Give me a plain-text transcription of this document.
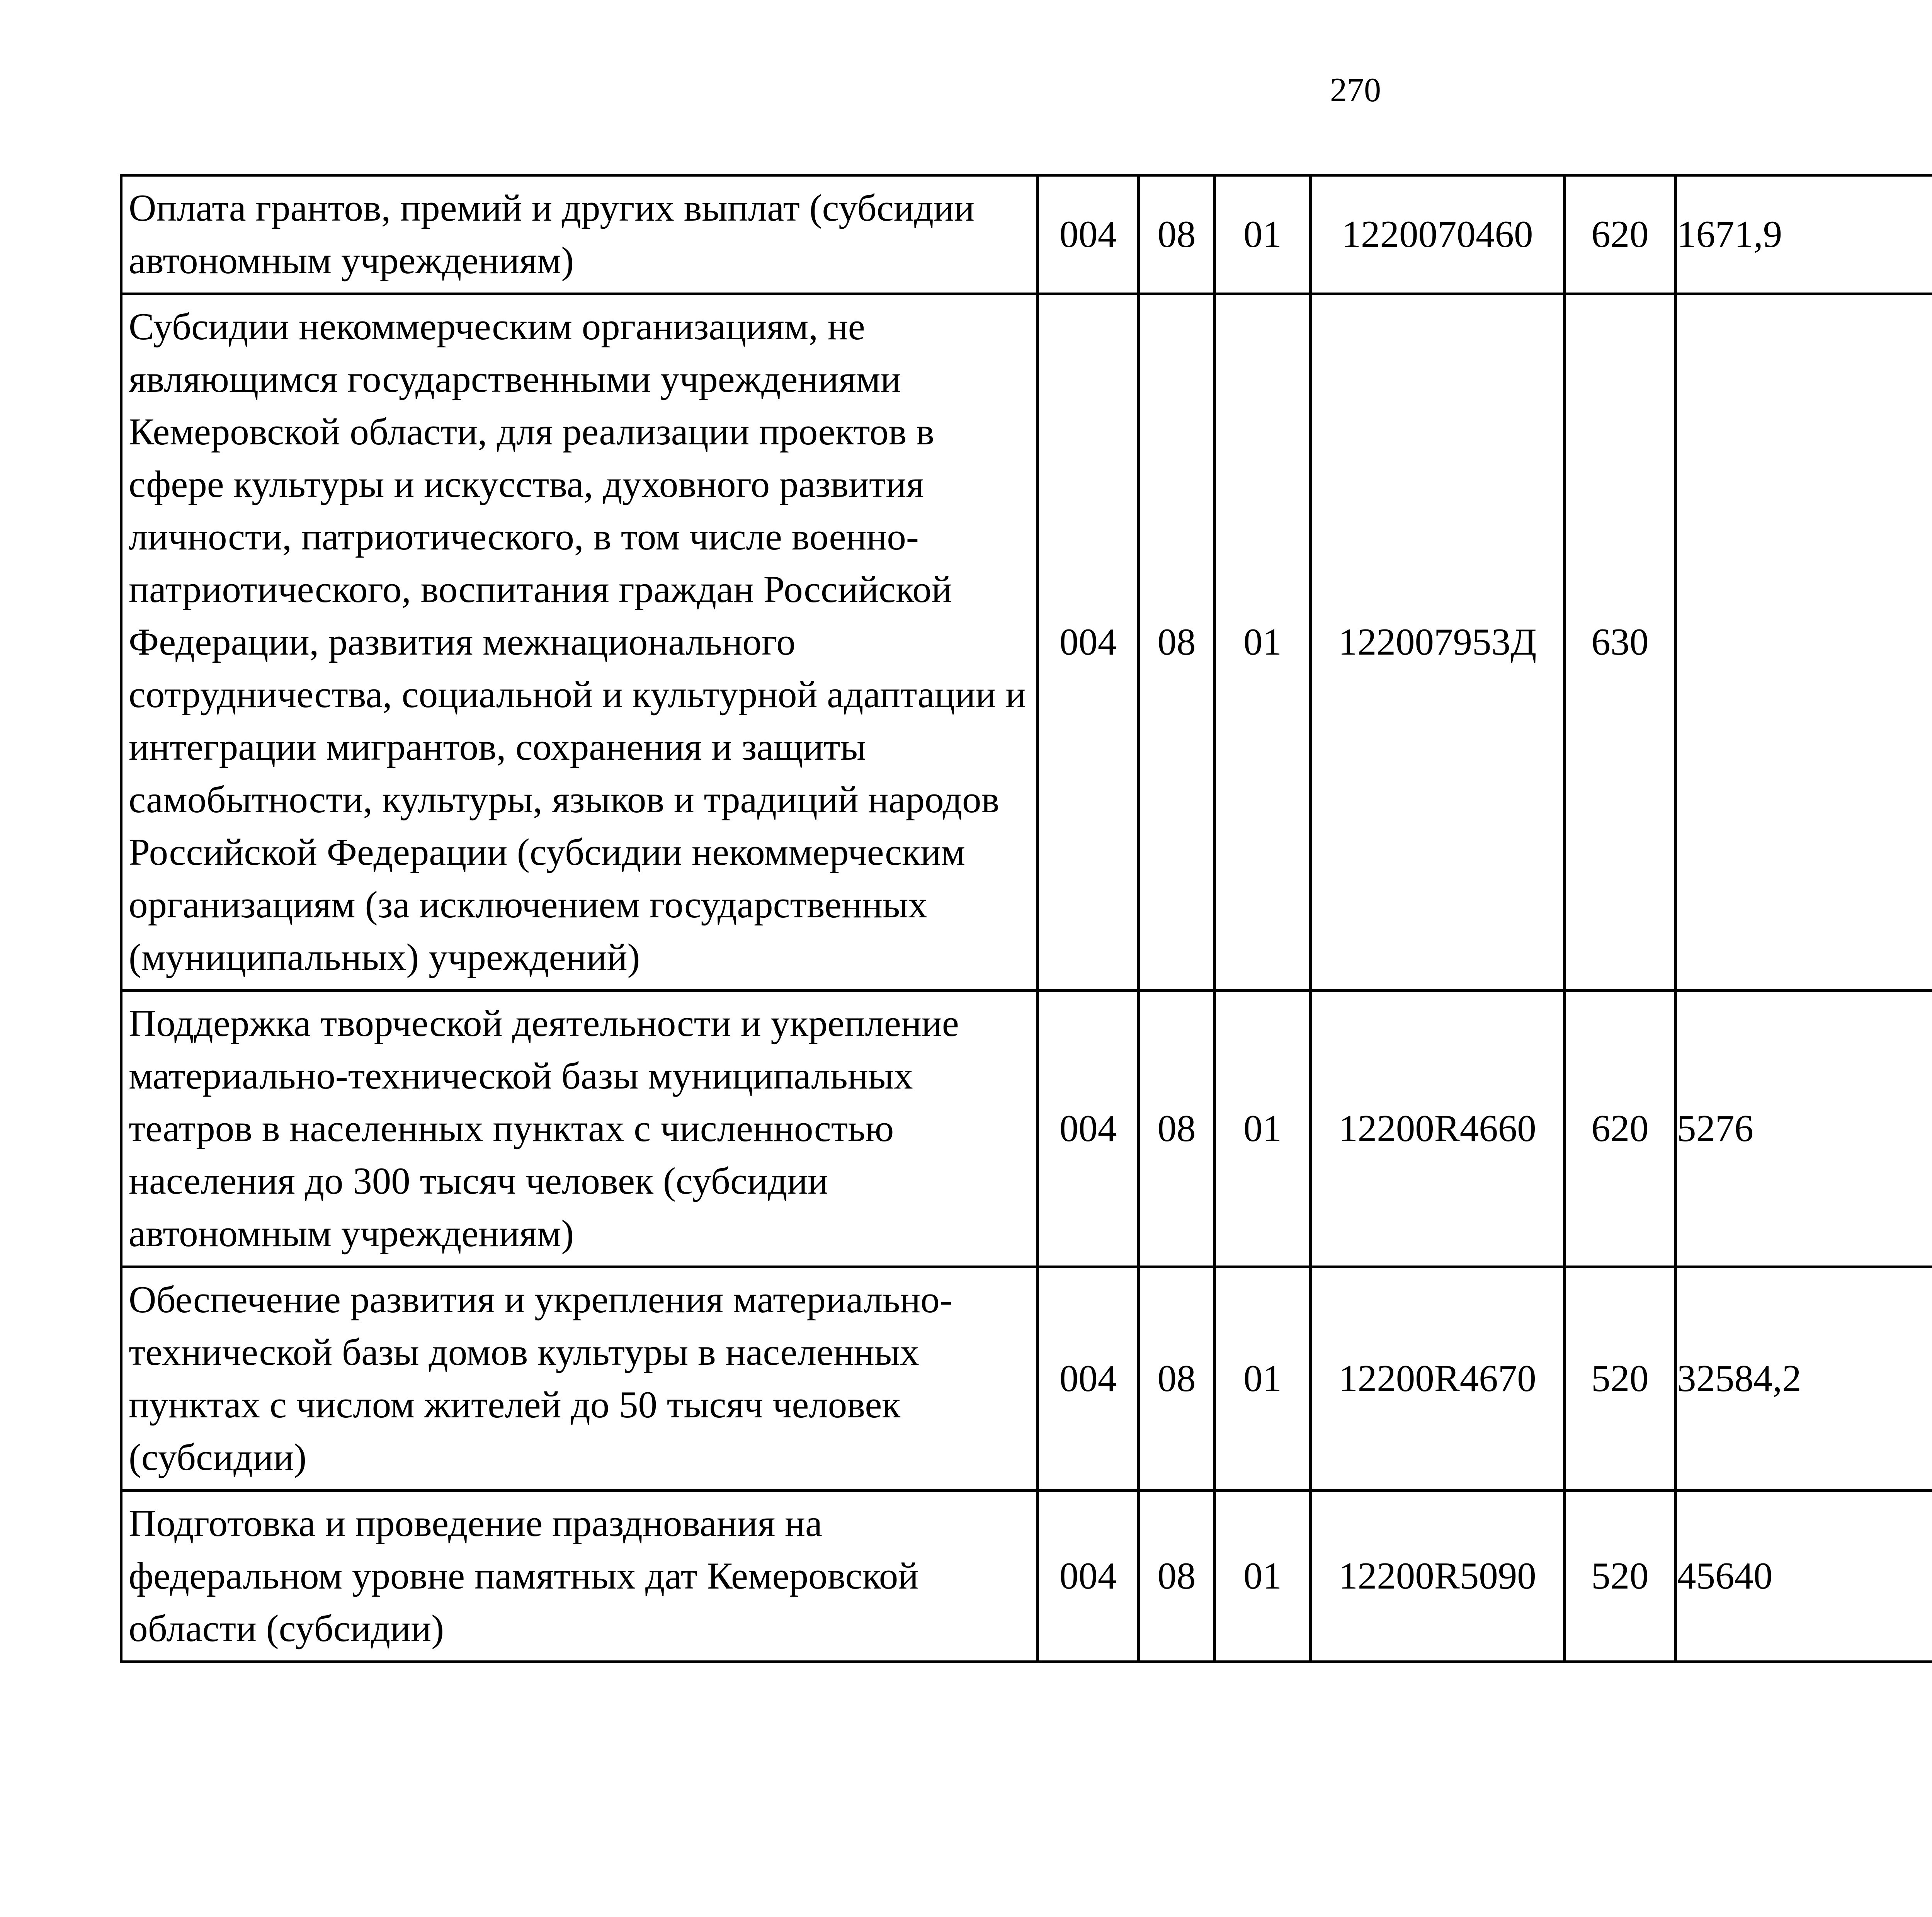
270
Оплата грантов, премий и других выплат (субсидии автономным учреждениям)	004	08	01	1220070460	620	1671,9		
Субсидии некоммерческим организациям, не являющимся государственными учреждениями Кемеровской области, для реализации проектов в сфере культуры и искусства, духовного развития личности, патриотического, в том числе военно-патриотического, воспитания граждан Российской Федерации, развития межнационального сотрудничества, социальной и культурной адаптации и интеграции мигрантов, сохранения и защиты самобытности, культуры, языков и традиций народов Российской Федерации (субсидии некоммерческим организациям (за исключением государственных (муниципальных) учреждений)	004	08	01	122007953Д	630			
Поддержка творческой деятельности и укрепление материально-технической базы муниципальных театров в населенных пунктах с численностью населения до 300 тысяч человек (субсидии автономным учреждениям)	004	08	01	12200R4660	620	5276		
Обеспечение развития и укрепления материально-технической базы домов культуры в населенных пунктах с числом жителей до 50 тысяч человек (субсидии)	004	08	01	12200R4670	520	32584,2		
Подготовка и проведение празднования на федеральном уровне памятных дат Кемеровской области (субсидии)	004	08	01	12200R5090	520	45640		
